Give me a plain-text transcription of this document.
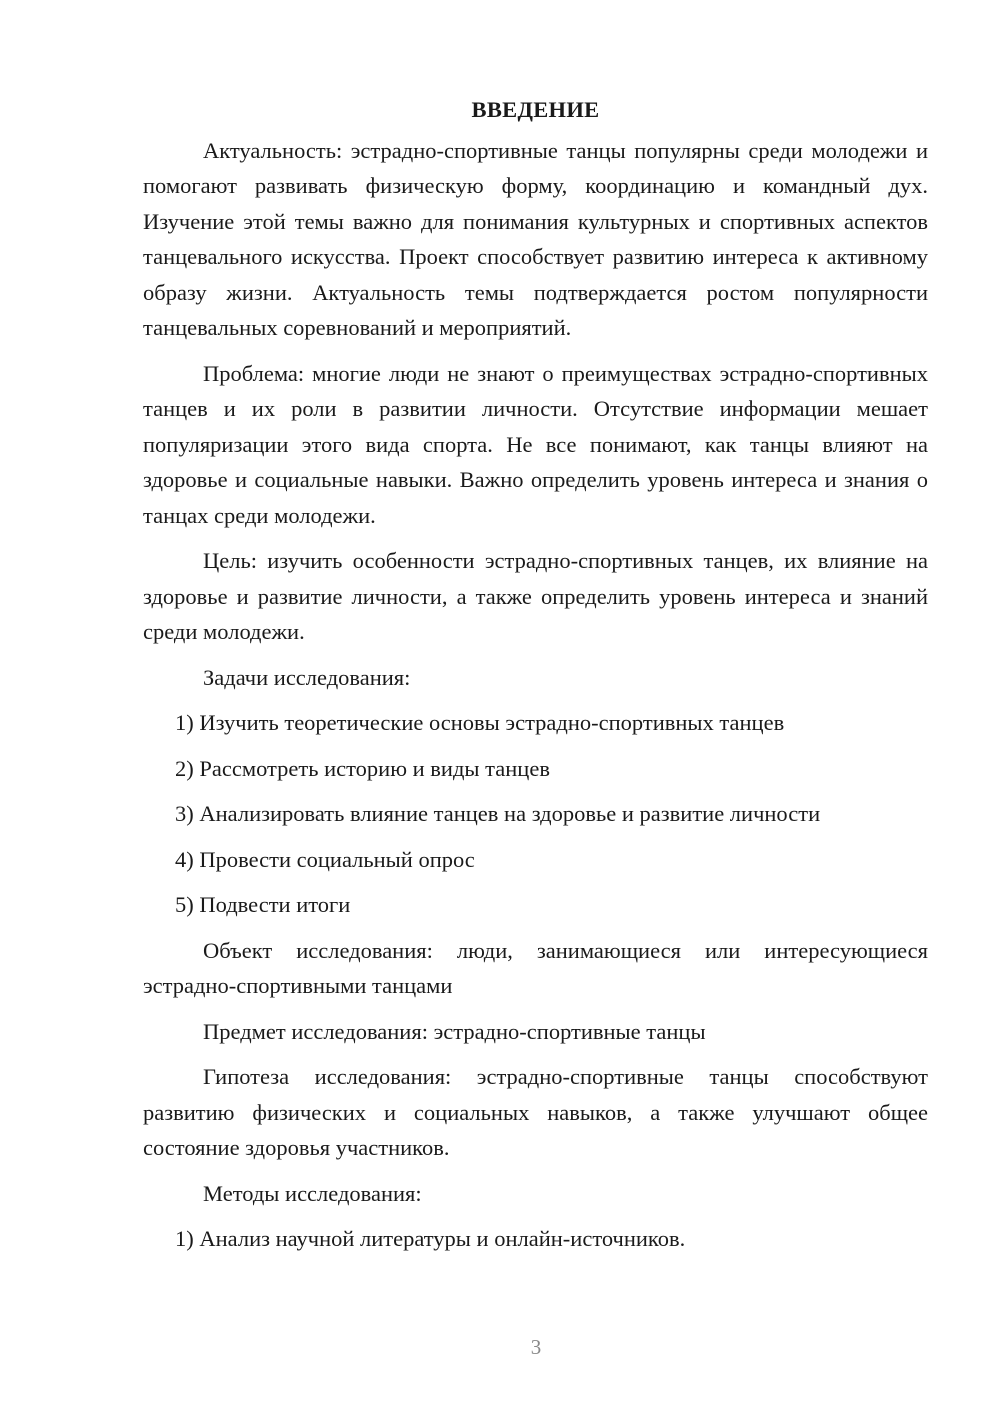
ВВЕДЕНИЕ

Актуальность: эстрадно-спортивные танцы популярны среди молодежи и помогают развивать физическую форму, координацию и командный дух. Изучение этой темы важно для понимания культурных и спортивных аспектов танцевального искусства. Проект способствует развитию интереса к активному образу жизни. Актуальность темы подтверждается ростом популярности танцевальных соревнований и мероприятий.

Проблема: многие люди не знают о преимуществах эстрадно-спортивных танцев и их роли в развитии личности. Отсутствие информации мешает популяризации этого вида спорта. Не все понимают, как танцы влияют на здоровье и социальные навыки. Важно определить уровень интереса и знания о танцах среди молодежи.

Цель: изучить особенности эстрадно-спортивных танцев, их влияние на здоровье и развитие личности, а также определить уровень интереса и знаний среди молодежи.

Задачи исследования:

1) Изучить теоретические основы эстрадно-спортивных танцев

2) Рассмотреть историю и виды танцев

3) Анализировать влияние танцев на здоровье и развитие личности

4) Провести социальный опрос

5) Подвести итоги

Объект исследования: люди, занимающиеся или интересующиеся эстрадно-спортивными танцами

Предмет исследования: эстрадно-спортивные танцы

Гипотеза исследования: эстрадно-спортивные танцы способствуют развитию физических и социальных навыков, а также улучшают общее состояние здоровья участников.

Методы исследования:

1) Анализ научной литературы и онлайн-источников.

3
